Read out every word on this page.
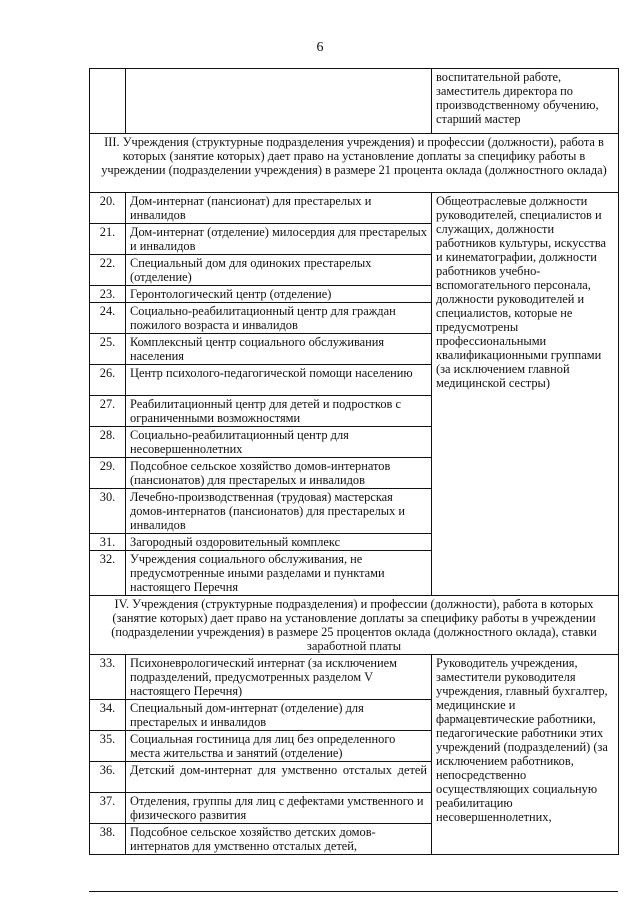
6
		воспитательной работе, заместитель директора по производственному обучению, старший мастер
III. Учреждения (структурные подразделения учреждения) и профессии (должности), работа в которых (занятие которых) дает право на установление доплаты за специфику работы в учреждении (подразделении учреждения) в размере 21 процента оклада (должностного оклада)		
20.	Дом-интернат (пансионат) для престарелых и инвалидов	Общеотраслевые должности руководителей, специалистов и служащих, должности работников культуры, искусства и кинематографии, должности работников учебно-вспомогательного персонала, должности руководителей и специалистов, которые не предусмотрены профессиональными квалификационными группами (за исключением главной медицинской сестры)
21.	Дом-интернат (отделение) милосердия для престарелых и инвалидов	
22.	Специальный дом для одиноких престарелых (отделение)	
23.	Геронтологический центр (отделение)	
24.	Социально-реабилитационный центр для граждан пожилого возраста и инвалидов	
25.	Комплексный центр социального обслуживания населения	
26.	Центр психолого-педагогической помощи населению	
27.	Реабилитационный центр для детей и подростков с ограниченными возможностями	
28.	Социально-реабилитационный центр для несовершеннолетних	
29.	Подсобное сельское хозяйство домов-интернатов (пансионатов) для престарелых и инвалидов	
30.	Лечебно-производственная (трудовая) мастерская домов-интернатов (пансионатов) для престарелых и инвалидов	
31.	Загородный оздоровительный комплекс	
32.	Учреждения социального обслуживания, не предусмотренные иными разделами и пунктами настоящего Перечня	
IV. Учреждения (структурные подразделения) и профессии (должности), работа в которых (занятие которых) дает право на установление доплаты за специфику работы в учреждении (подразделении учреждения) в размере 25 процентов оклада (должностного оклада), ставки заработной платы		
33.	Психоневрологический интернат (за исключением подразделений, предусмотренных разделом V настоящего Перечня)	Руководитель учреждения, заместители руководителя учреждения, главный бухгалтер, медицинские и фармацевтические работники, педагогические работники этих учреждений (подразделений) (за исключением работников, непосредственно осуществляющих социальную реабилитацию несовершеннолетних,
34.	Специальный дом-интернат (отделение) для престарелых и инвалидов	
35.	Социальная гостиница для лиц без определенного места жительства и занятий (отделение)	
36.	Детский дом-интернат для умственно отсталых детей	
37.	Отделения, группы для лиц с дефектами умственного и физического развития	
38.	Подсобное сельское хозяйство детских домов-интернатов для умственно отсталых детей,	
